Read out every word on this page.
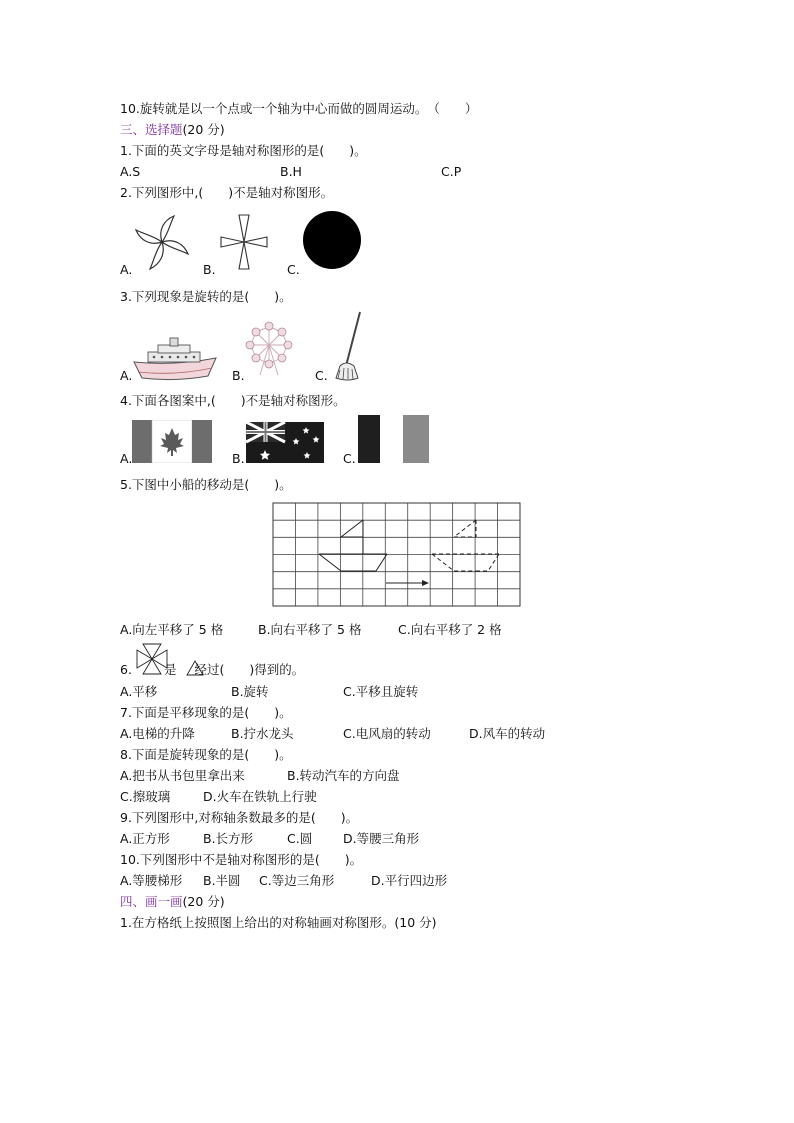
10.旋转就是以一个点或一个轴为中心而做的圆周运动。　（　　）
三、选择题(20 分)
1.下面的英文字母是轴对称图形的是(　　)。
A.S	B.H	C.P
2.下列图形中,(　　)不是轴对称图形。
A.	B.	C.
3.下列现象是旋转的是(　　)。
A.	B.	C.
4.下面各图案中,(　　)不是轴对称图形。
A.	B.	C.
5.下图中小船的移动是(　　)。
A.向左平移了 5 格	B.向右平移了 5 格	C.向右平移了 2 格
6.	是 经过(　　)得到的。
A.平移	B.旋转	C.平移且旋转
7.下面是平移现象的是(　　)。
A.电梯的升降	B.拧水龙头	C.电风扇的转动	D.风车的转动
8.下面是旋转现象的是(　　)。
A.把书从书包里拿出来	B.转动汽车的方向盘
C.擦玻璃	D.火车在铁轨上行驶
9.下列图形中,对称轴条数最多的是(　　)。
A.正方形	B.长方形	C.圆 D.等腰三角形
10.下列图形中不是轴对称图形的是(　　)。
A.等腰梯形 B.半圆 C.等边三角形	D.平行四边形
四、画一画(20 分)
1.在方格纸上按照图上给出的对称轴画对称图形。(10 分)
